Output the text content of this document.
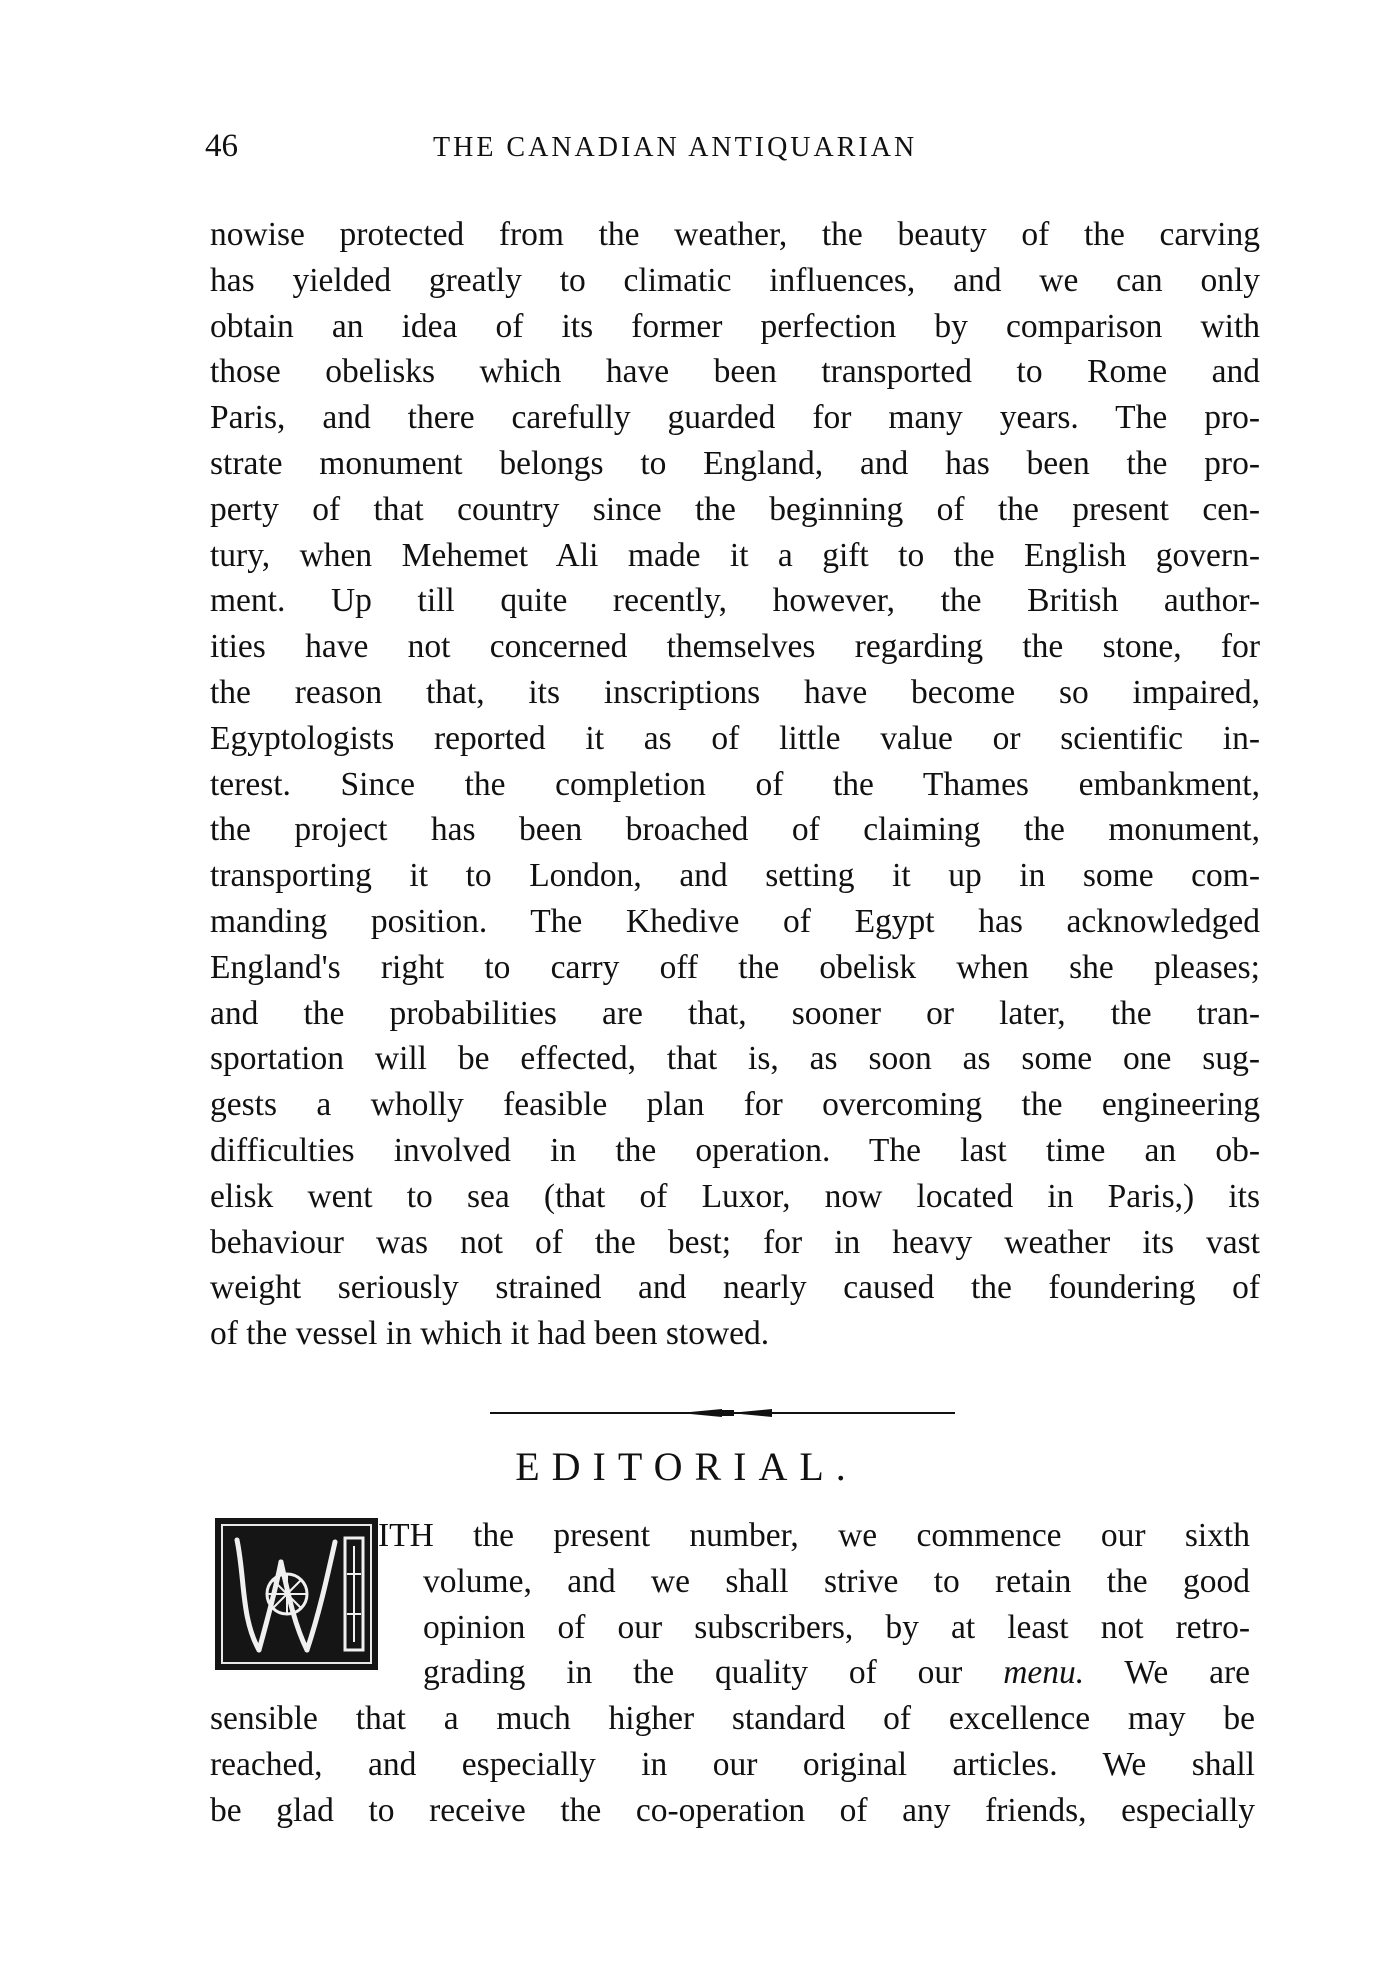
46	THE CANADIAN ANTIQUARIAN
nowise protected from the weather, the beauty of the carving
has yielded greatly to climatic influences, and we can only
obtain an idea of its former perfection by comparison with
those obelisks which have been transported to Rome and
Paris, and there carefully guarded for many years. The pro-
strate monument belongs to England, and has been the pro-
perty of that country since the beginning of the present cen-
tury, when Mehemet Ali made it a gift to the English govern-
ment. Up till quite recently, however, the British author-
ities have not concerned themselves regarding the stone, for
the reason that, its inscriptions have become so impaired,
Egyptologists reported it as of little value or scientific in-
terest. Since the completion of the Thames embankment,
the project has been broached of claiming the monument,
transporting it to London, and setting it up in some com-
manding position. The Khedive of Egypt has acknowledged
England's right to carry off the obelisk when she pleases;
and the probabilities are that, sooner or later, the tran-
sportation will be effected, that is, as soon as some one sug-
gests a wholly feasible plan for overcoming the engineering
difficulties involved in the operation. The last time an ob-
elisk went to sea (that of Luxor, now located in Paris,) its
behaviour was not of the best; for in heavy weather its vast
weight seriously strained and nearly caused the foundering of
of the vessel in which it had been stowed.
EDITORIAL.
ITH the present number, we commence our sixth
volume, and we shall strive to retain the good
opinion of our subscribers, by at least not retro-
grading in the quality of our menu. We are
sensible that a much higher standard of excellence may be
reached, and especially in our original articles. We shall
be glad to receive the co-operation of any friends, especially
